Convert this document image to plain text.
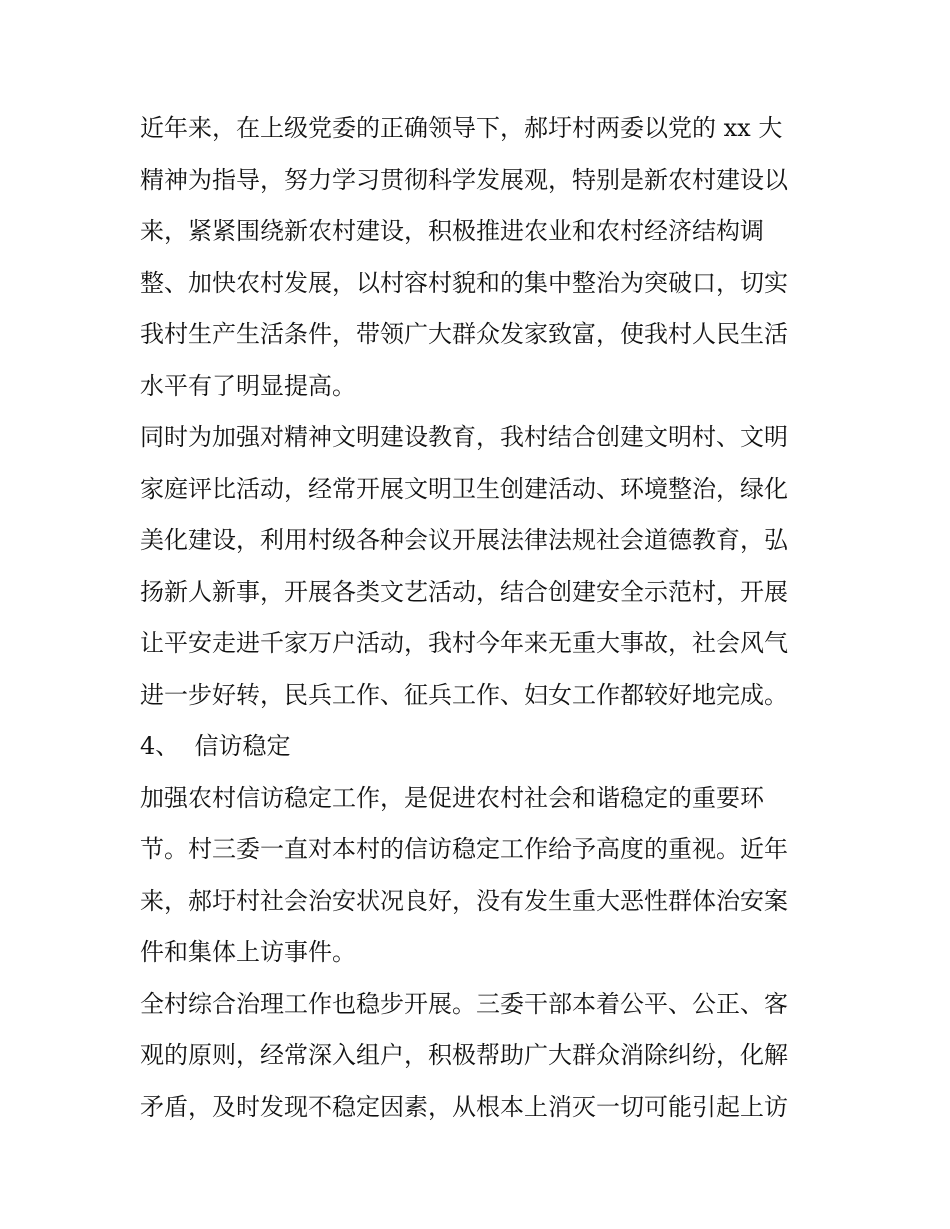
近年来，在上级党委的正确领导下，郝圩村两委以党的 xx 大
精神为指导，努力学习贯彻科学发展观，特别是新农村建设以
来，紧紧围绕新农村建设，积极推进农业和农村经济结构调
整、加快农村发展，以村容村貌和的集中整治为突破口，切实
我村生产生活条件，带领广大群众发家致富，使我村人民生活
水平有了明显提高。
同时为加强对精神文明建设教育，我村结合创建文明村、文明
家庭评比活动，经常开展文明卫生创建活动、环境整治，绿化
美化建设，利用村级各种会议开展法律法规社会道德教育，弘
扬新人新事，开展各类文艺活动，结合创建安全示范村，开展
让平安走进千家万户活动，我村今年来无重大事故，社会风气
进一步好转，民兵工作、征兵工作、妇女工作都较好地完成。
4、  信访稳定
加强农村信访稳定工作，是促进农村社会和谐稳定的重要环
节。村三委一直对本村的信访稳定工作给予高度的重视。近年
来，郝圩村社会治安状况良好，没有发生重大恶性群体治安案
件和集体上访事件。
全村综合治理工作也稳步开展。三委干部本着公平、公正、客
观的原则，经常深入组户，积极帮助广大群众消除纠纷，化解
矛盾，及时发现不稳定因素，从根本上消灭一切可能引起上访
